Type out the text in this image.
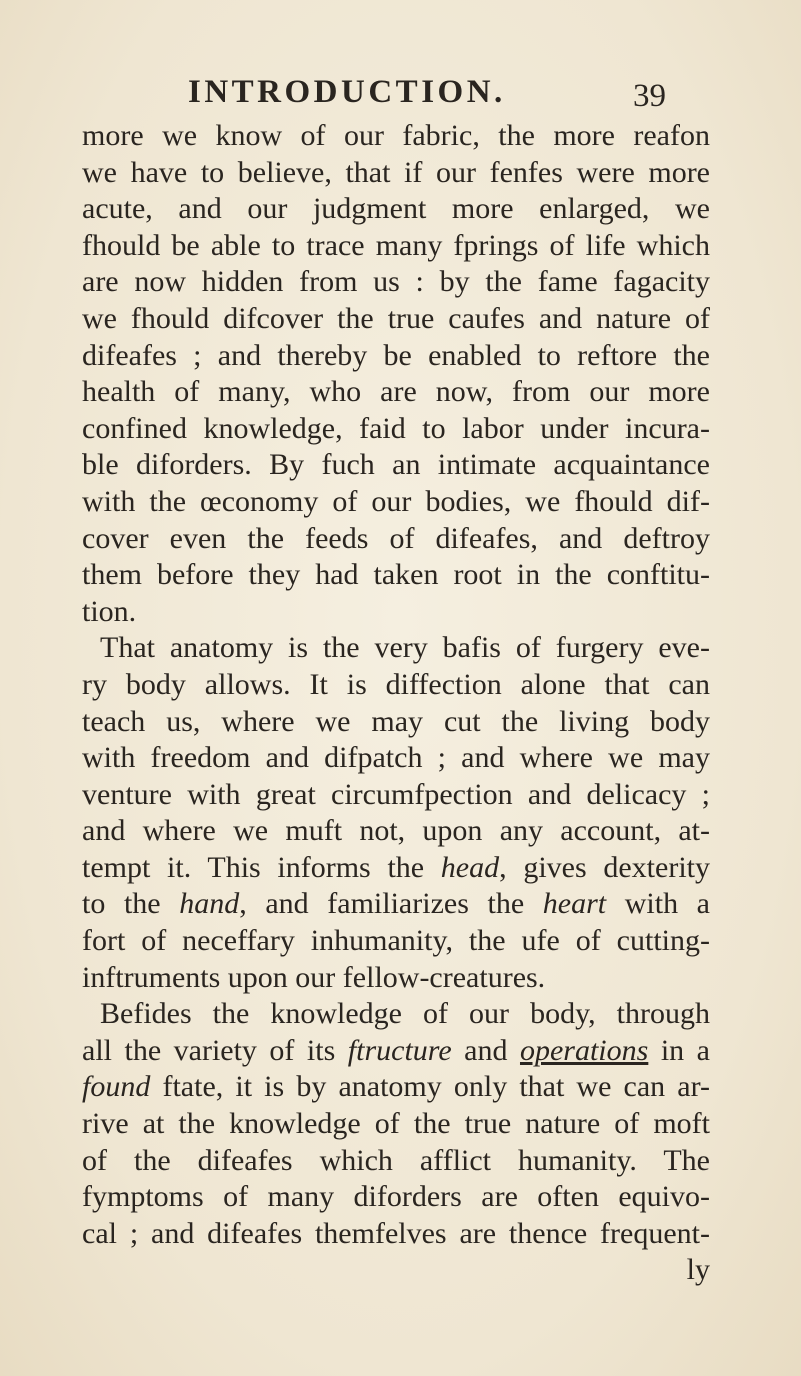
INTRODUCTION.	39
more we know of our fabric, the more reafon
we have to believe, that if our fenfes were more
acute, and our judgment more enlarged, we
fhould be able to trace many fprings of life which
are now hidden from us : by the fame fagacity
we fhould difcover the true caufes and nature of
difeafes ; and thereby be enabled to reftore the
health of many, who are now, from our more
confined knowledge, faid to labor under incura-
ble diforders. By fuch an intimate acquaintance
with the œconomy of our bodies, we fhould dif-
cover even the feeds of difeafes, and deftroy
them before they had taken root in the conftitu-
tion.
That anatomy is the very bafis of furgery eve-
ry body allows. It is diffection alone that can
teach us, where we may cut the living body
with freedom and difpatch ; and where we may
venture with great circumfpection and delicacy ;
and where we muft not, upon any account, at-
tempt it. This informs the head, gives dexterity
to the hand, and familiarizes the heart with a
fort of neceffary inhumanity, the ufe of cutting-
inftruments upon our fellow-creatures.
Befides the knowledge of our body, through
all the variety of its ftructure and operations in a
found ftate, it is by anatomy only that we can ar-
rive at the knowledge of the true nature of moft
of the difeafes which afflict humanity. The
fymptoms of many diforders are often equivo-
cal ; and difeafes themfelves are thence frequent-
ly
